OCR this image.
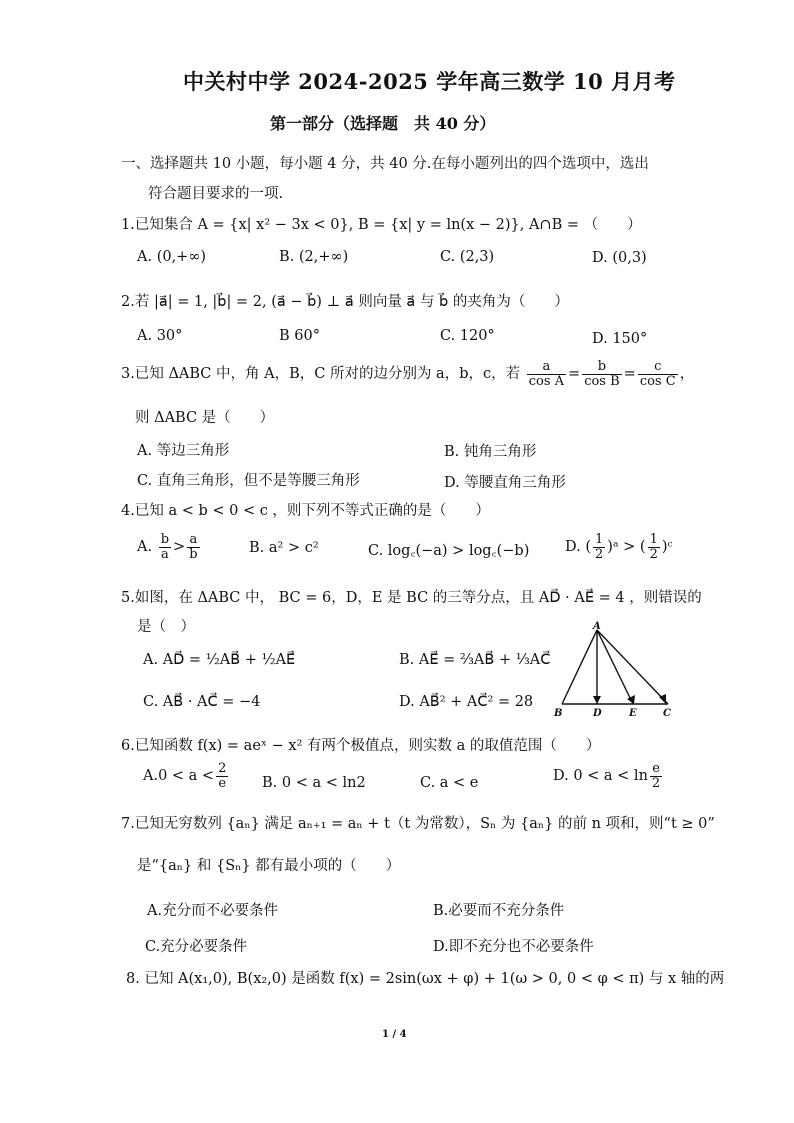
中关村中学 2024-2025 学年高三数学 10 月月考
第一部分（选择题　共 40 分）
一、选择题共 10 小题，每小题 4 分，共 40 分.在每小题列出的四个选项中，选出
符合题目要求的一项.
1.已知集合 A = {x| x² − 3x < 0}, B = {x| y = ln(x − 2)}, A∩B = （　　）
A. (0,+∞)	B. (2,+∞)	C. (2,3)	D. (0,3)
2.若 |a⃗| = 1, |b⃗| = 2, (a⃗ − b⃗) ⊥ a⃗ 则向量 a⃗ 与 b⃗ 的夹角为（　　）
A. 30°	B 60°	C. 120°	D. 150°
3.已知 ΔABC 中，角 A，B，C 所对的边分别为 a，b，c，若 $\frac{a}{\text{cos A}} = \frac{b}{\text{cos B}} = \frac{c}{\text{cos C}}$ ，
则 ΔABC 是（　　）
A. 等边三角形	B. 钝角三角形
C. 直角三角形，但不是等腰三角形	D. 等腰直角三角形
4.已知 a < b < 0 < c ，则下列不等式正确的是（　　）
A. $\frac{b}{a} > \frac{a}{b}$	B. a² > c²	C. log꜀(−a) > log꜀(−b) D. ( $\frac{1}{2}$ )ᵃ > ( $\frac{1}{2}$ )ᶜ
5.如图，在 ΔABC 中， BC = 6，D，E 是 BC 的三等分点，且 AD⃗ · AE⃗ = 4 ，则错误的
是（　）
A. AD⃗ = ½AB⃗ + ½AE⃗	B. AE⃗ = ⅔AB⃗ + ⅓AC⃗
C. AB⃗ · AC⃗ = −4	D. AB⃗² + AC⃗² = 28
A
B	D	E	C
6.已知函数 f(x) = aeˣ − x² 有两个极值点，则实数 a 的取值范围（　　）
$A.0 < a < \frac{2}{e} B$. 0 < a < ln2	C. a < e	D. $0 < a < \ln \frac{e}{2}$
7.已知无穷数列 {aₙ} 满足 aₙ₊₁ = aₙ + t（t 为常数），Sₙ 为 {aₙ} 的前 n 项和，则“t ≥ 0”
是“{aₙ} 和 {Sₙ} 都有最小项的（　　）
A.充分而不必要条件	B.必要而不充分条件
C.充分必要条件	D.即不充分也不必要条件
8. 已知 A(x₁,0), B(x₂,0) 是函数 f(x) = 2sin(ωx + φ) + 1(ω > 0, 0 < φ < π) 与 x 轴的两
1 / 4
